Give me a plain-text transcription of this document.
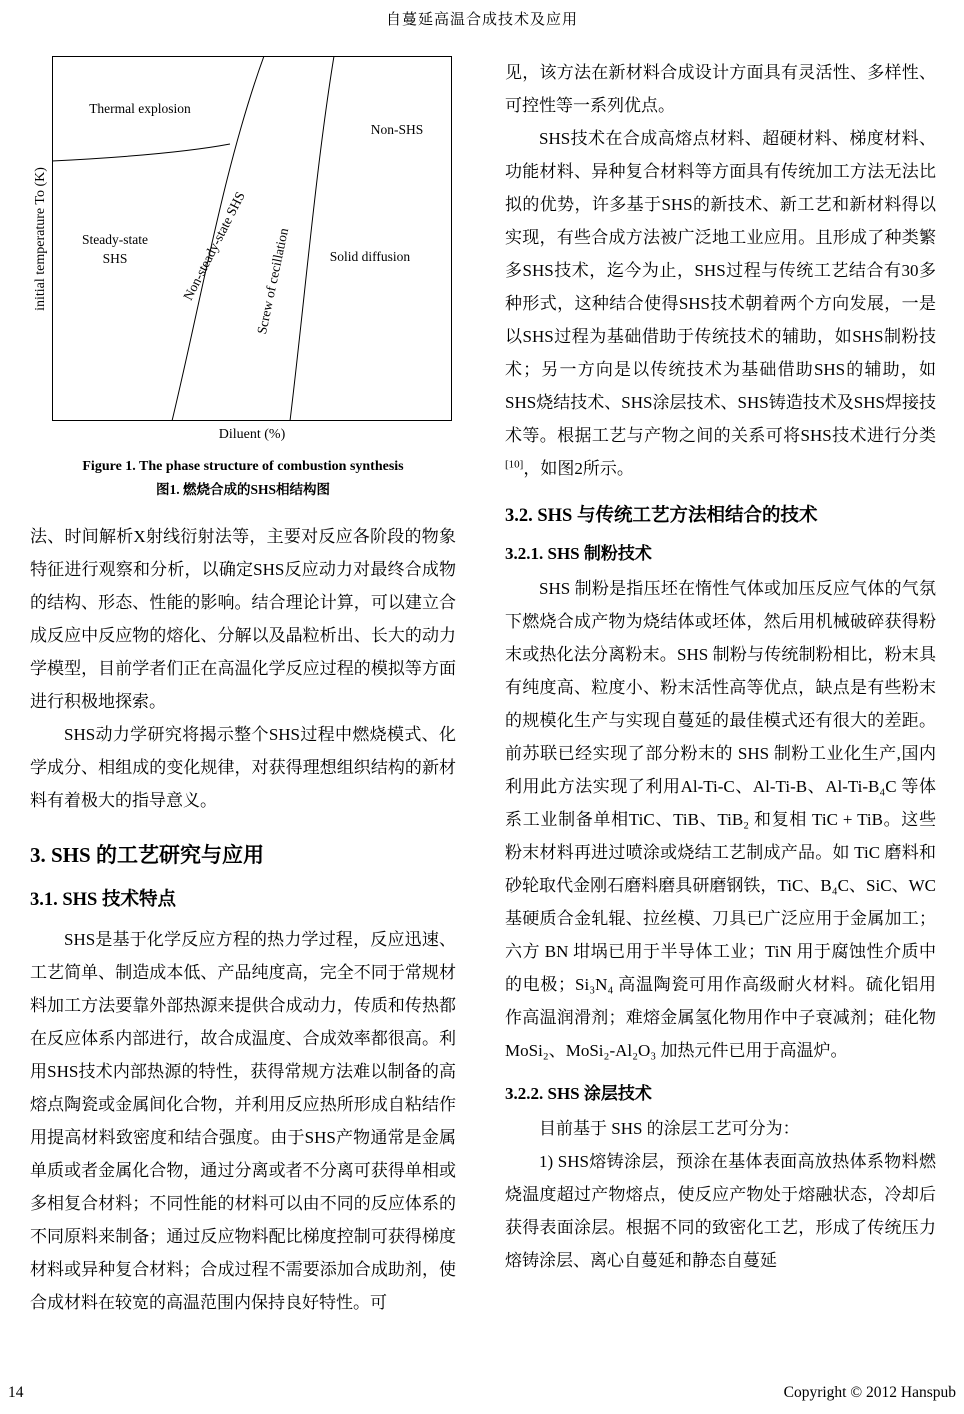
自蔓延高温合成技术及应用
initial temperature To (K)
Thermal explosion
Non-SHS
Steady-state
SHS	Non-steady-state SHS Screw of cecillation	Solid diffusion
Diluent (%)
Figure 1. The phase structure of combustion synthesis
图1. 燃烧合成的SHS相结构图

法、时间解析X射线衍射法等，主要对反应各阶段的物象特征进行观察和分析，以确定SHS反应动力对最终合成物的结构、形态、性能的影响。结合理论计算，可以建立合成反应中反应物的熔化、分解以及晶粒析出、长大的动力学模型，目前学者们正在高温化学反应过程的模拟等方面进行积极地探索。

SHS动力学研究将揭示整个SHS过程中燃烧模式、化学成分、相组成的变化规律，对获得理想组织结构的新材料有着极大的指导意义。

3. SHS 的工艺研究与应用
3.1. SHS 技术特点

SHS是基于化学反应方程的热力学过程，反应迅速、工艺简单、制造成本低、产品纯度高，完全不同于常规材料加工方法要靠外部热源来提供合成动力，传质和传热都在反应体系内部进行，故合成温度、合成效率都很高。利用SHS技术内部热源的特性，获得常规方法难以制备的高熔点陶瓷或金属间化合物，并利用反应热所形成自粘结作用提高材料致密度和结合强度。由于SHS产物通常是金属单质或者金属化合物，通过分离或者不分离可获得单相或多相复合材料；不同性能的材料可以由不同的反应体系的不同原料来制备；通过反应物料配比梯度控制可获得梯度材料或异种复合材料；合成过程不需要添加合成助剂，使合成材料在较宽的高温范围内保持良好特性。可

见，该方法在新材料合成设计方面具有灵活性、多样性、可控性等一系列优点。

SHS技术在合成高熔点材料、超硬材料、梯度材料、功能材料、异种复合材料等方面具有传统加工方法无法比拟的优势，许多基于SHS的新技术、新工艺和新材料得以实现，有些合成方法被广泛地工业应用。且形成了种类繁多SHS技术，迄今为止，SHS过程与传统工艺结合有30多种形式，这种结合使得SHS技术朝着两个方向发展，一是以SHS过程为基础借助于传统技术的辅助，如SHS制粉技术；另一方向是以传统技术为基础借助SHS的辅助，如SHS烧结技术、SHS涂层技术、SHS铸造技术及SHS焊接技术等。根据工艺与产物之间的关系可将SHS技术进行分类[10]，如图2所示。

3.2. SHS 与传统工艺方法相结合的技术
3.2.1. SHS 制粉技术

SHS 制粉是指压坯在惰性气体或加压反应气体的气氛下燃烧合成产物为烧结体或坯体，然后用机械破碎获得粉末或热化法分离粉末。SHS 制粉与传统制粉相比，粉末具有纯度高、粒度小、粉末活性高等优点，缺点是有些粉末的规模化生产与实现自蔓延的最佳模式还有很大的差距。前苏联已经实现了部分粉末的 SHS 制粉工业化生产,国内利用此方法实现了利用Al-Ti-C、Al-Ti-B、Al-Ti-B₄C 等体系工业制备单相TiC、TiB、TiB₂ 和复相 TiC + TiB。这些粉末材料再进过喷涂或烧结工艺制成产品。如 TiC 磨料和砂轮取代金刚石磨料磨具研磨钢铁，TiC、B₄C、SiC、WC基硬质合金轧辊、拉丝模、刀具已广泛应用于金属加工；六方 BN 坩埚已用于半导体工业；TiN 用于腐蚀性介质中的电极；Si₃N₄ 高温陶瓷可用作高级耐火材料。硫化铝用作高温润滑剂；难熔金属氢化物用作中子衰减剂；硅化物 MoSi₂、MoSi₂-Al₂O₃ 加热元件已用于高温炉。

3.2.2. SHS 涂层技术

目前基于 SHS 的涂层工艺可分为：

1) SHS熔铸涂层，预涂在基体表面高放热体系物料燃烧温度超过产物熔点，使反应产物处于熔融状态，冷却后获得表面涂层。根据不同的致密化工艺，形成了传统压力熔铸涂层、离心自蔓延和静态自蔓延

14	Copyright © 2012 Hanspub
